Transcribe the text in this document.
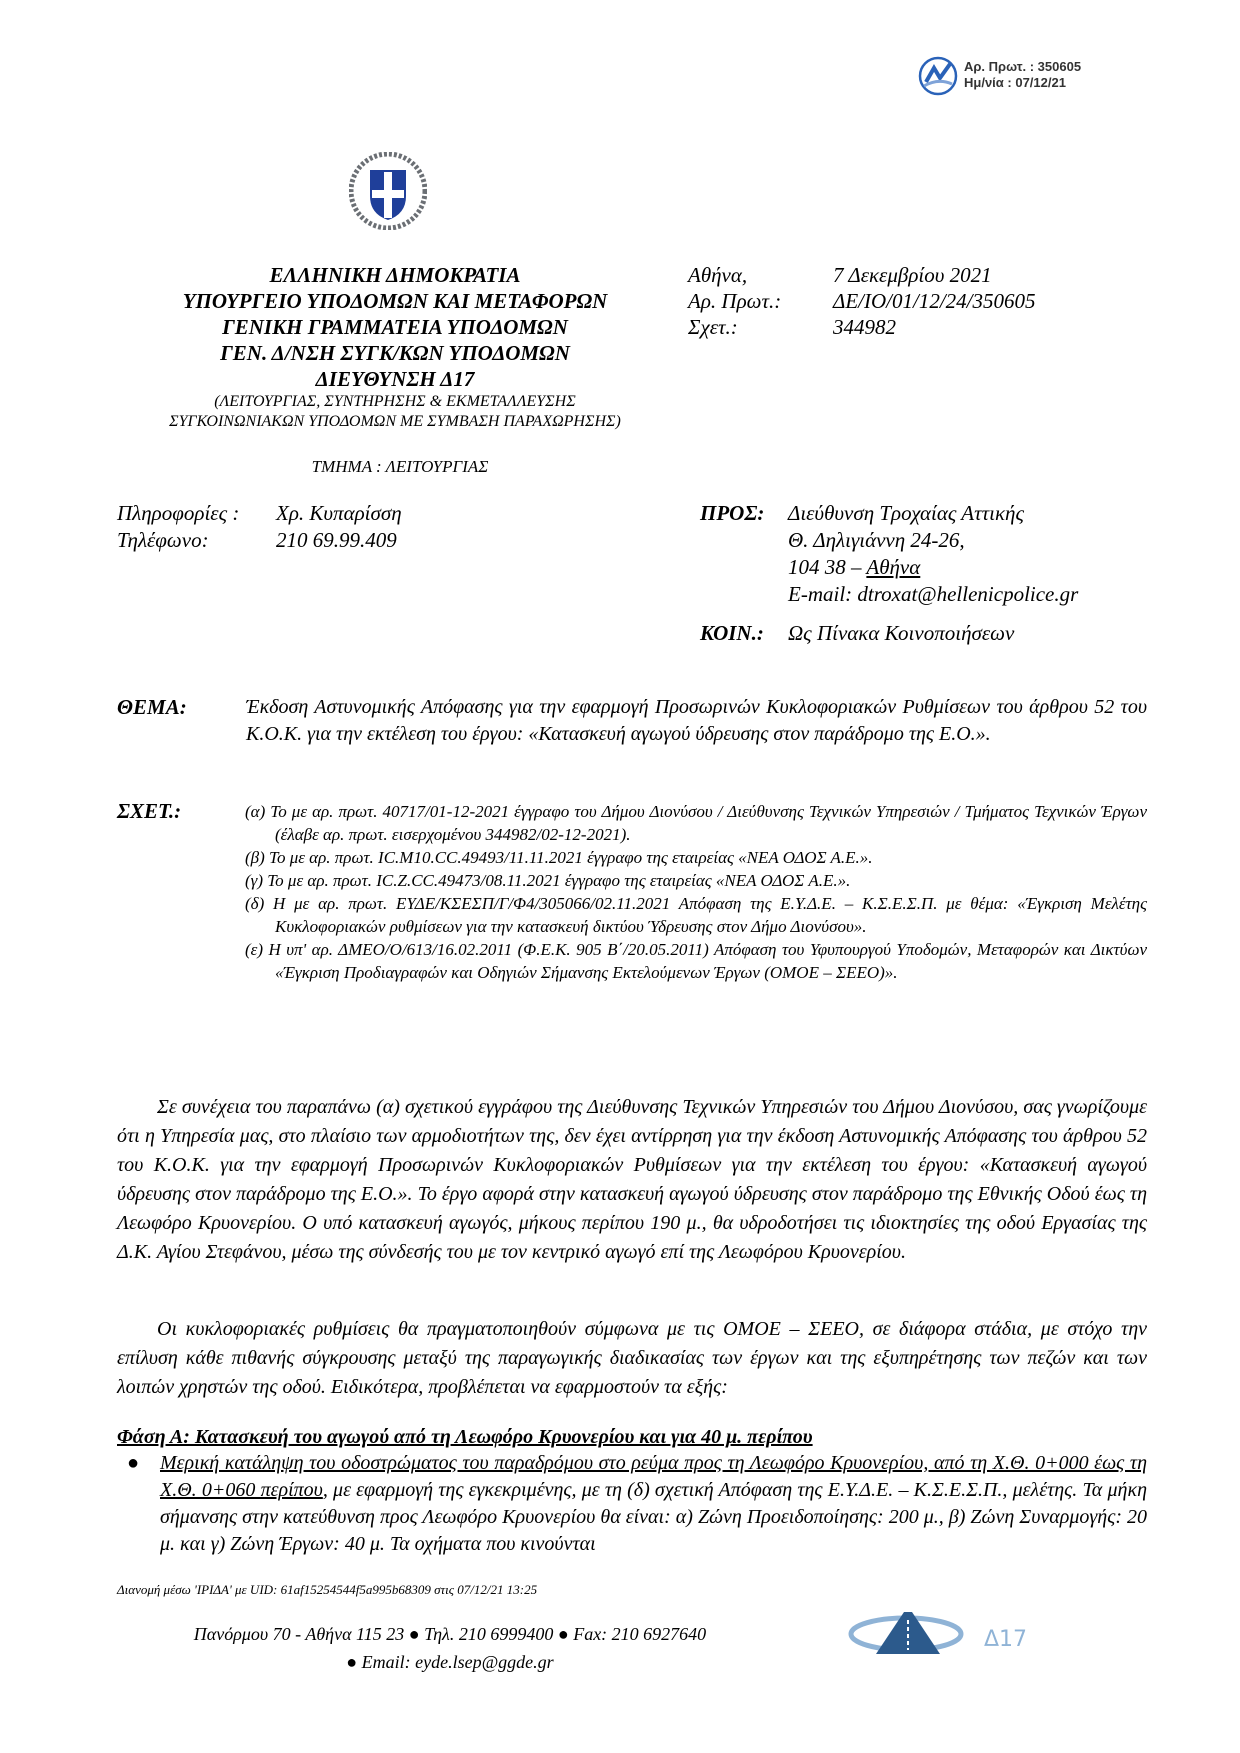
Αρ. Πρωτ. : 350605
Ημ/νία : 07/12/21
ΕΛΛΗΝΙΚΗ ΔΗΜΟΚΡΑΤΙΑ
ΥΠΟΥΡΓΕΙΟ ΥΠΟΔΟΜΩΝ ΚΑΙ ΜΕΤΑΦΟΡΩΝ
ΓΕΝΙΚΗ ΓΡΑΜΜΑΤΕΙΑ ΥΠΟΔΟΜΩΝ
ΓΕΝ. Δ/ΝΣΗ ΣΥΓΚ/ΚΩΝ ΥΠΟΔΟΜΩΝ
ΔΙΕΥΘΥΝΣΗ Δ17
(ΛΕΙΤΟΥΡΓΙΑΣ, ΣΥΝΤΗΡΗΣΗΣ & ΕΚΜΕΤΑΛΛΕΥΣΗΣ
ΣΥΓΚΟΙΝΩΝΙΑΚΩΝ ΥΠΟΔΟΜΩΝ ΜΕ ΣΥΜΒΑΣΗ ΠΑΡΑΧΩΡΗΣΗΣ)
ΤΜΗΜΑ : ΛΕΙΤΟΥΡΓΙΑΣ
Αθήνα,	7 Δεκεμβρίου 2021
Αρ. Πρωτ.:	ΔΕ/ΙΟ/01/12/24/350605
Σχετ.:	344982
Πληροφορίες :	Χρ. Κυπαρίσση
Τηλέφωνο:	210 69.99.409
ΠΡΟΣ:	Διεύθυνση Τροχαίας Αττικής
Θ. Δηλιγιάννη 24-26,
104 38 – Αθήνα
E-mail: dtroxat@hellenicpolice.gr
ΚΟΙΝ.:	Ως Πίνακα Κοινοποιήσεων
ΘΕΜΑ:	Έκδοση Αστυνομικής Απόφασης για την εφαρμογή Προσωρινών Κυκλοφοριακών Ρυθμίσεων του άρθρου 52 του Κ.Ο.Κ. για την εκτέλεση του έργου: «Κατασκευή αγωγού ύδρευσης στον παράδρομο της Ε.Ο.».
ΣΧΕΤ.:	(α) Το με αρ. πρωτ. 40717/01-12-2021 έγγραφο του Δήμου Διονύσου / Διεύθυνσης Τεχνικών Υπηρεσιών / Τμήματος Τεχνικών Έργων (έλαβε αρ. πρωτ. εισερχομένου 344982/02-12-2021).
(β) Το με αρ. πρωτ. IC.M10.CC.49493/11.11.2021 έγγραφο της εταιρείας «ΝΕΑ ΟΔΟΣ Α.Ε.».
(γ) Το με αρ. πρωτ. IC.Z.CC.49473/08.11.2021 έγγραφο της εταιρείας «ΝΕΑ ΟΔΟΣ Α.Ε.».
(δ) Η με αρ. πρωτ. ΕΥΔΕ/ΚΣΕΣΠ/Γ/Φ4/305066/02.11.2021 Απόφαση της Ε.Υ.Δ.Ε. – Κ.Σ.Ε.Σ.Π. με θέμα: «Έγκριση Μελέτης Κυκλοφοριακών ρυθμίσεων για την κατασκευή δικτύου Ύδρευσης στον Δήμο Διονύσου».
(ε) Η υπ' αρ. ΔΜΕΟ/Ο/613/16.02.2011 (Φ.Ε.Κ. 905 Β΄/20.05.2011) Απόφαση του Υφυπουργού Υποδομών, Μεταφορών και Δικτύων «Έγκριση Προδιαγραφών και Οδηγιών Σήμανσης Εκτελούμενων Έργων (ΟΜΟΕ – ΣΕΕΟ)».
Σε συνέχεια του παραπάνω (α) σχετικού εγγράφου της Διεύθυνσης Τεχνικών Υπηρεσιών του Δήμου Διονύσου, σας γνωρίζουμε ότι η Υπηρεσία μας, στο πλαίσιο των αρμοδιοτήτων της, δεν έχει αντίρρηση για την έκδοση Αστυνομικής Απόφασης του άρθρου 52 του Κ.Ο.Κ. για την εφαρμογή Προσωρινών Κυκλοφοριακών Ρυθμίσεων για την εκτέλεση του έργου: «Κατασκευή αγωγού ύδρευσης στον παράδρομο της Ε.Ο.». Το έργο αφορά στην κατασκευή αγωγού ύδρευσης στον παράδρομο της Εθνικής Οδού έως τη Λεωφόρο Κρυονερίου. Ο υπό κατασκευή αγωγός, μήκους περίπου 190 μ., θα υδροδοτήσει τις ιδιοκτησίες της οδού Εργασίας της Δ.Κ. Αγίου Στεφάνου, μέσω της σύνδεσής του με τον κεντρικό αγωγό επί της Λεωφόρου Κρυονερίου.
Οι κυκλοφοριακές ρυθμίσεις θα πραγματοποιηθούν σύμφωνα με τις ΟΜΟΕ – ΣΕΕΟ, σε διάφορα στάδια, με στόχο την επίλυση κάθε πιθανής σύγκρουσης μεταξύ της παραγωγικής διαδικασίας των έργων και της εξυπηρέτησης των πεζών και των λοιπών χρηστών της οδού. Ειδικότερα, προβλέπεται να εφαρμοστούν τα εξής:
Φάση Α: Κατασκευή του αγωγού από τη Λεωφόρο Κρυονερίου και για 40 μ. περίπου
● Μερική κατάληψη του οδοστρώματος του παραδρόμου στο ρεύμα προς τη Λεωφόρο Κρυονερίου, από τη Χ.Θ. 0+000 έως τη Χ.Θ. 0+060 περίπου, με εφαρμογή της εγκεκριμένης, με τη (δ) σχετική Απόφαση της Ε.Υ.Δ.Ε. – Κ.Σ.Ε.Σ.Π., μελέτης. Τα μήκη σήμανσης στην κατεύθυνση προς Λεωφόρο Κρυονερίου θα είναι: α) Ζώνη Προειδοποίησης: 200 μ., β) Ζώνη Συναρμογής: 20 μ. και γ) Ζώνη Έργων: 40 μ. Τα οχήματα που κινούνται
Διανομή μέσω 'ΙΡΙΔΑ' με UID: 61af15254544f5a995b68309 στις 07/12/21 13:25
Πανόρμου 70 - Αθήνα 115 23 ● Τηλ. 210 6999400 ● Fax: 210 6927640
● Email: eyde.lsep@ggde.gr
Δ17
